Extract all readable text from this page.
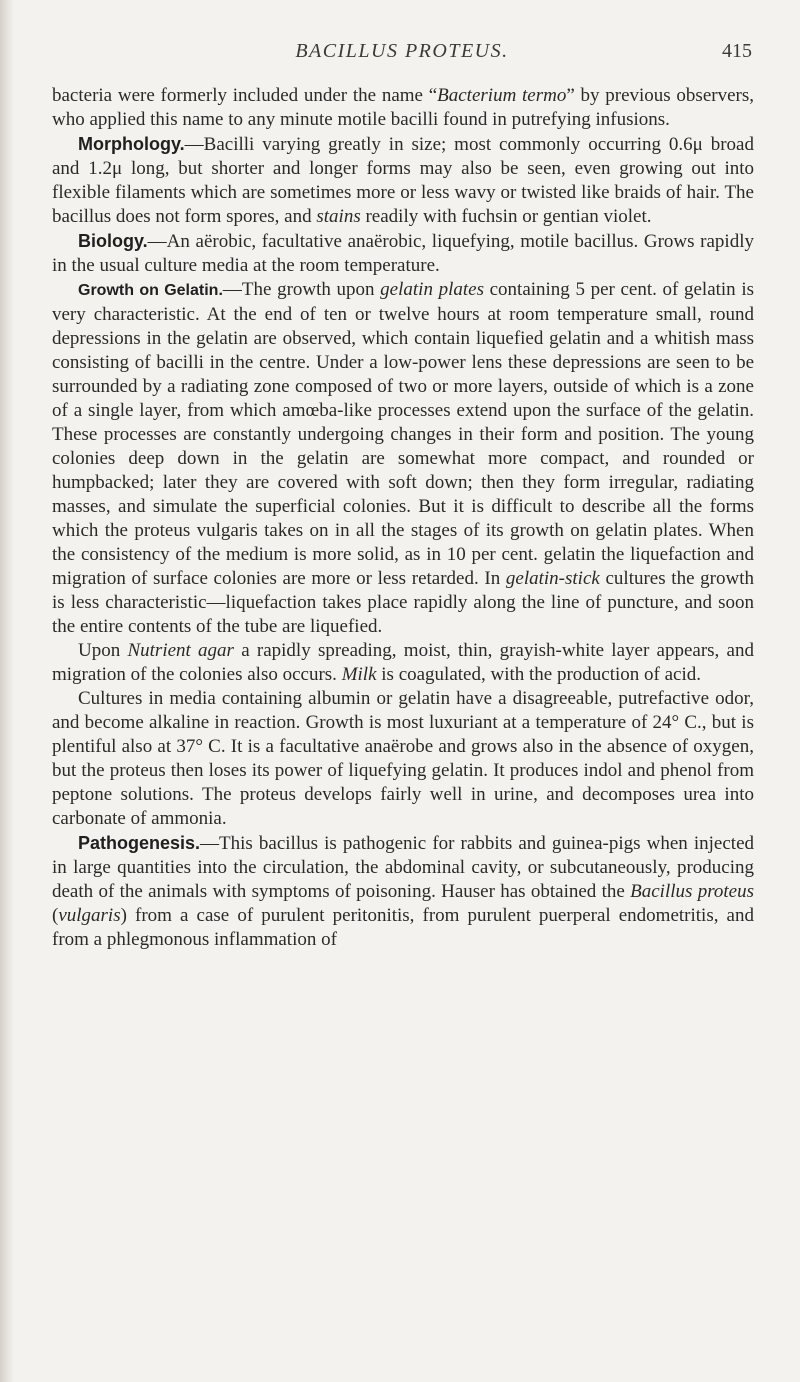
BACILLUS PROTEUS.	415

bacteria were formerly included under the name “Bacterium termo” by previous observers, who applied this name to any minute motile bacilli found in putrefying infusions.

Morphology.—Bacilli varying greatly in size; most commonly occurring 0.6μ broad and 1.2μ long, but shorter and longer forms may also be seen, even growing out into flexible filaments which are sometimes more or less wavy or twisted like braids of hair. The bacillus does not form spores, and stains readily with fuchsin or gentian violet.

Biology.—An aërobic, facultative anaërobic, liquefying, motile bacillus. Grows rapidly in the usual culture media at the room temperature.

Growth on Gelatin.—The growth upon gelatin plates containing 5 per cent. of gelatin is very characteristic. At the end of ten or twelve hours at room temperature small, round depressions in the gelatin are observed, which contain liquefied gelatin and a whitish mass consisting of bacilli in the centre. Under a low-power lens these depressions are seen to be surrounded by a radiating zone composed of two or more layers, outside of which is a zone of a single layer, from which amœba-like processes extend upon the surface of the gelatin. These processes are constantly undergoing changes in their form and position. The young colonies deep down in the gelatin are somewhat more compact, and rounded or humpbacked; later they are covered with soft down; then they form irregular, radiating masses, and simulate the superficial colonies. But it is difficult to describe all the forms which the proteus vulgaris takes on in all the stages of its growth on gelatin plates. When the consistency of the medium is more solid, as in 10 per cent. gelatin the liquefaction and migration of surface colonies are more or less retarded. In gelatin-stick cultures the growth is less characteristic—liquefaction takes place rapidly along the line of puncture, and soon the entire contents of the tube are liquefied.

Upon Nutrient agar a rapidly spreading, moist, thin, grayish-white layer appears, and migration of the colonies also occurs. Milk is coagulated, with the production of acid.

Cultures in media containing albumin or gelatin have a disagreeable, putrefactive odor, and become alkaline in reaction. Growth is most luxuriant at a temperature of 24° C., but is plentiful also at 37° C. It is a facultative anaërobe and grows also in the absence of oxygen, but the proteus then loses its power of liquefying gelatin. It produces indol and phenol from peptone solutions. The proteus develops fairly well in urine, and decomposes urea into carbonate of ammonia.

Pathogenesis.—This bacillus is pathogenic for rabbits and guinea-pigs when injected in large quantities into the circulation, the abdominal cavity, or subcutaneously, producing death of the animals with symptoms of poisoning. Hauser has obtained the Bacillus proteus (vulgaris) from a case of purulent peritonitis, from purulent puerperal endometritis, and from a phlegmonous inflammation of
